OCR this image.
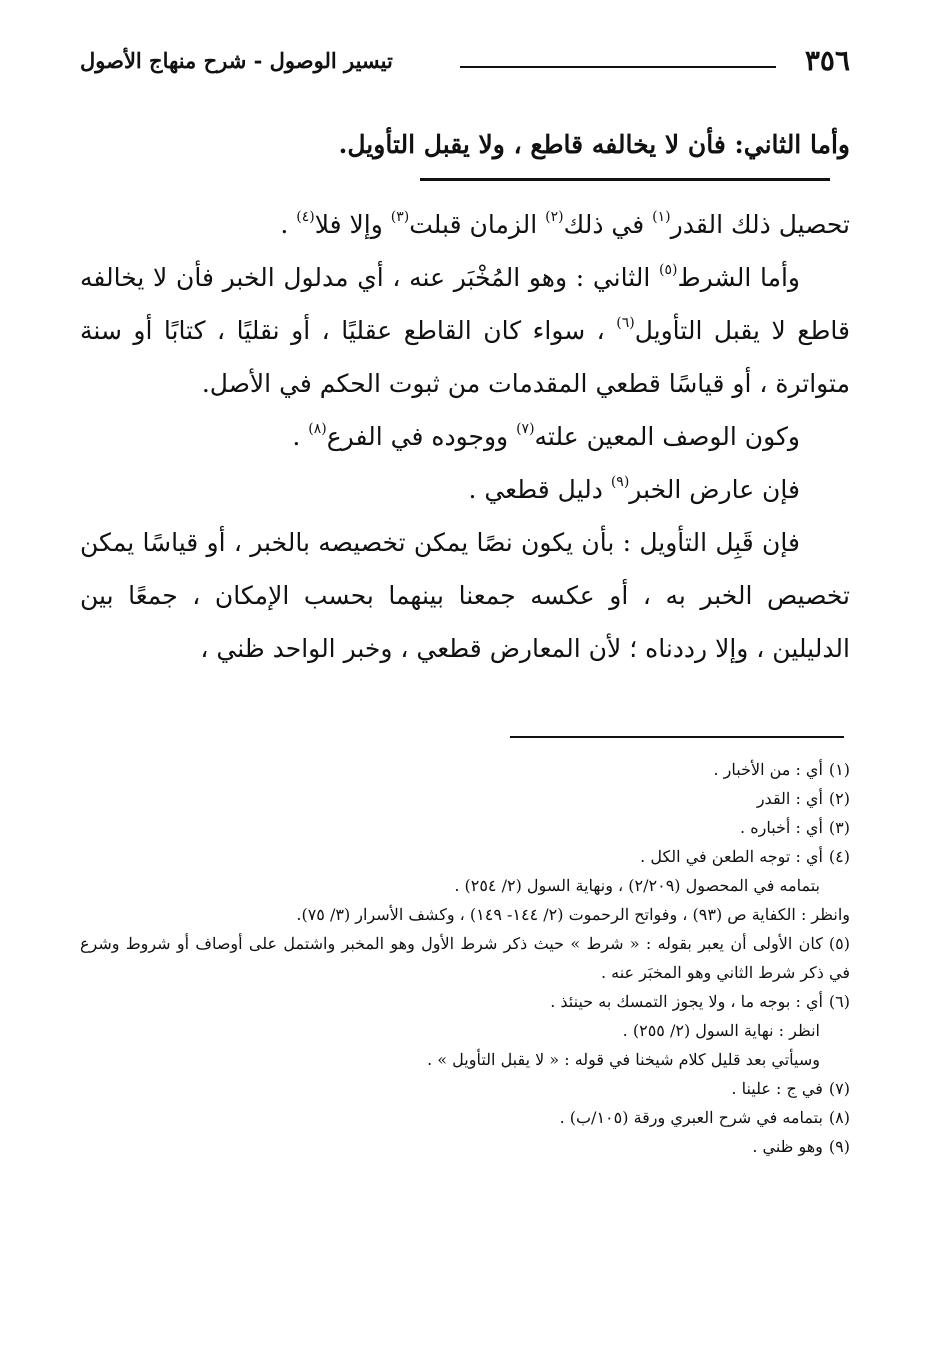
٣٥٦
تيسير الوصول - شرح منهاج الأصول
وأما الثاني: فأن لا يخالفه قاطع ، ولا يقبل التأويل.

تحصيل ذلك القدر$^{(١)}$ في ذلك$^{(٢)}$ الزمان قبلت$^{(٣)}$ وإلا فلا$^{(٤)}$ .

وأما الشرط$^{(٥)}$ الثاني : وهو المُخْبَر عنه ، أي مدلول الخبر فأن لا يخالفه قاطع لا يقبل التأويل$^{(٦)}$ ، سواء كان القاطع عقليًا ، أو نقليًا ، كتابًا أو سنة متواترة ، أو قياسًا قطعي المقدمات من ثبوت الحكم في الأصل.

وكون الوصف المعين علته$^{(٧)}$ ووجوده في الفرع$^{(٨)}$ .

فإن عارض الخبر$^{(٩)}$ دليل قطعي .

فإن قَبِل التأويل : بأن يكون نصًا يمكن تخصيصه بالخبر ، أو قياسًا يمكن تخصيص الخبر به ، أو عكسه جمعنا بينهما بحسب الإمكان ، جمعًا بين الدليلين ، وإلا رددناه ؛ لأن المعارض قطعي ، وخبر الواحد ظني ،

(١)أي : من الأخبار .

(٢)أي : القدر

(٣)أي : أخباره .

(٤)أي : توجه الطعن في الكل .

بتمامه في المحصول (٢/٢٠٩) ، ونهاية السول (٢/ ٢٥٤) .

وانظر : الكفاية ص (٩٣) ، وفواتح الرحموت (٢/ ١٤٤- ١٤٩) ، وكشف الأسرار (٣/ ٧٥).

(٥)كان الأولى أن يعبر بقوله : « شرط » حيث ذكر شرط الأول وهو المخبر واشتمل على أوصاف أو شروط وشرع في ذكر شرط الثاني وهو المخبَر عنه .

(٦)أي : بوجه ما ، ولا يجوز التمسك به حينئذ .

انظر : نهاية السول (٢/ ٢٥٥) .

وسيأتي بعد قليل كلام شيخنا في قوله : « لا يقبل التأويل » .

(٧)في ج : علينا .

(٨)بتمامه في شرح العبري ورقة (١٠٥/ب) .

(٩)وهو ظني .
